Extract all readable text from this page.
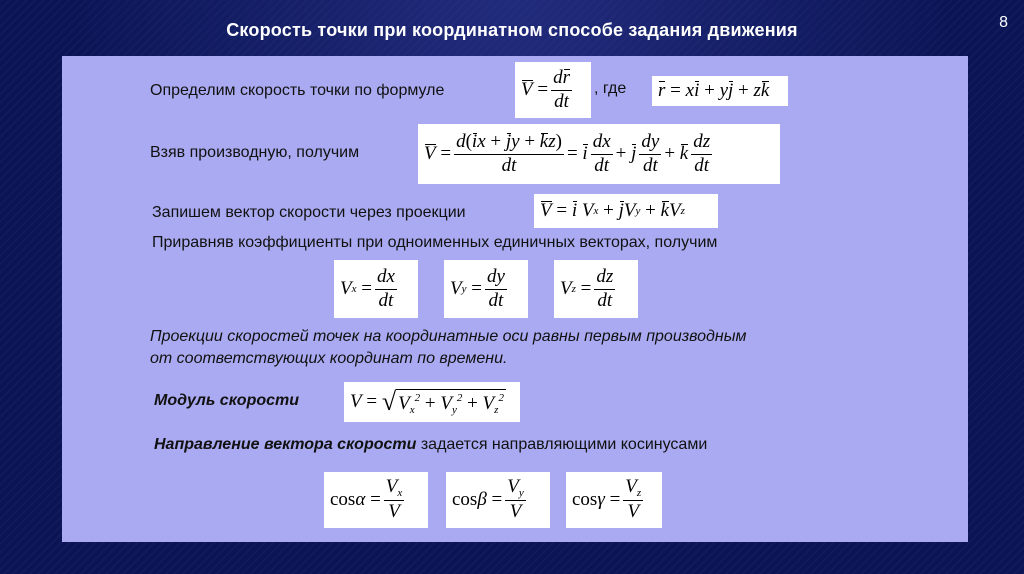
Скорость точки при координатном способе задания движения	8
Определим скорость точки по формуле	V
= $\frac{dr}{dt}$ , где r
= x i
+ y j
+ z k
Взяв производную, получим	V
= $\frac{d(ix + jy + kz)}{dt}$ =
i $\frac{dx}{dt}$ +
j $\frac{dy}{dt}$ +
k $\frac{dz}{dt}$
Запишем вектор скорости через проекции	V
=
i V x
+
j V y
+
k V z
Приравняв коэффициенты при одноименных единичных векторах, получим
V x
= $\frac{dx}{dt}$	V y
= $\frac{dy}{dt}$	V z
= $\frac{dz}{dt}$
Проекции скоростей точек на координатные оси равны первым производным
от соответствующих координат по времени.
Модуль скорости	V =
√ $V_x^2 + V_y^2 + V_z^2$
Направление вектора скорости задается направляющими косинусами
$\cos \alpha = \frac{V_x}{V}$	$\cos \beta = \frac{V_y}{V}$ $\cos \gamma = \frac{V_z}{V}$
